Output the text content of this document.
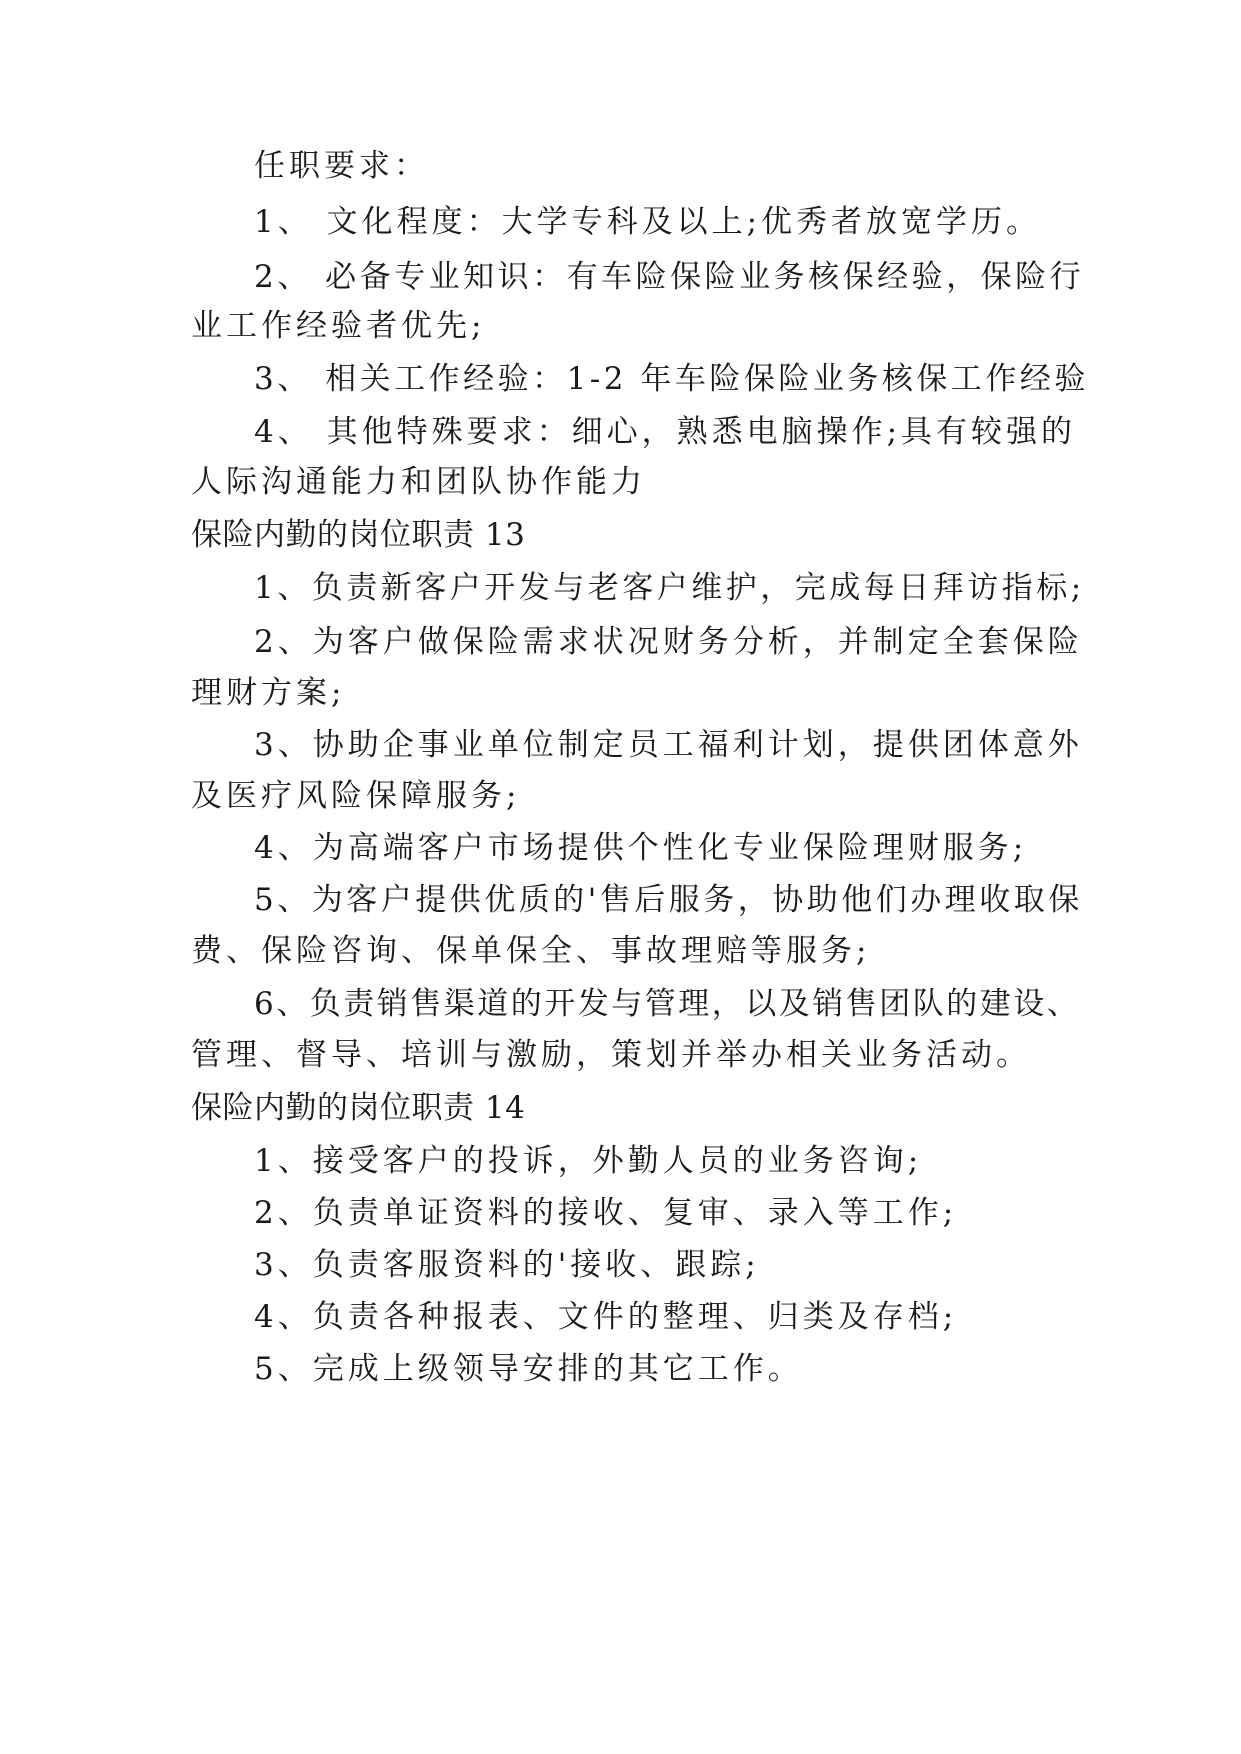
任职要求：

1、 文化程度：大学专科及以上;优秀者放宽学历。

2、 必备专业知识：有车险保险业务核保经验，保险行

业工作经验者优先;

3、 相关工作经验：1-2 年车险保险业务核保工作经验

4、 其他特殊要求：细心，熟悉电脑操作;具有较强的

人际沟通能力和团队协作能力

保险内勤的岗位职责 13

1、负责新客户开发与老客户维护，完成每日拜访指标;

2、为客户做保险需求状况财务分析，并制定全套保险

理财方案;

3、协助企事业单位制定员工福利计划，提供团体意外

及医疗风险保障服务;

4、为高端客户市场提供个性化专业保险理财服务;

5、为客户提供优质的'售后服务，协助他们办理收取保

费、保险咨询、保单保全、事故理赔等服务;

6、负责销售渠道的开发与管理，以及销售团队的建设、

管理、督导、培训与激励，策划并举办相关业务活动。

保险内勤的岗位职责 14

1、接受客户的投诉，外勤人员的业务咨询;

2、负责单证资料的接收、复审、录入等工作;

3、负责客服资料的'接收、跟踪;

4、负责各种报表、文件的整理、归类及存档;

5、完成上级领导安排的其它工作。
